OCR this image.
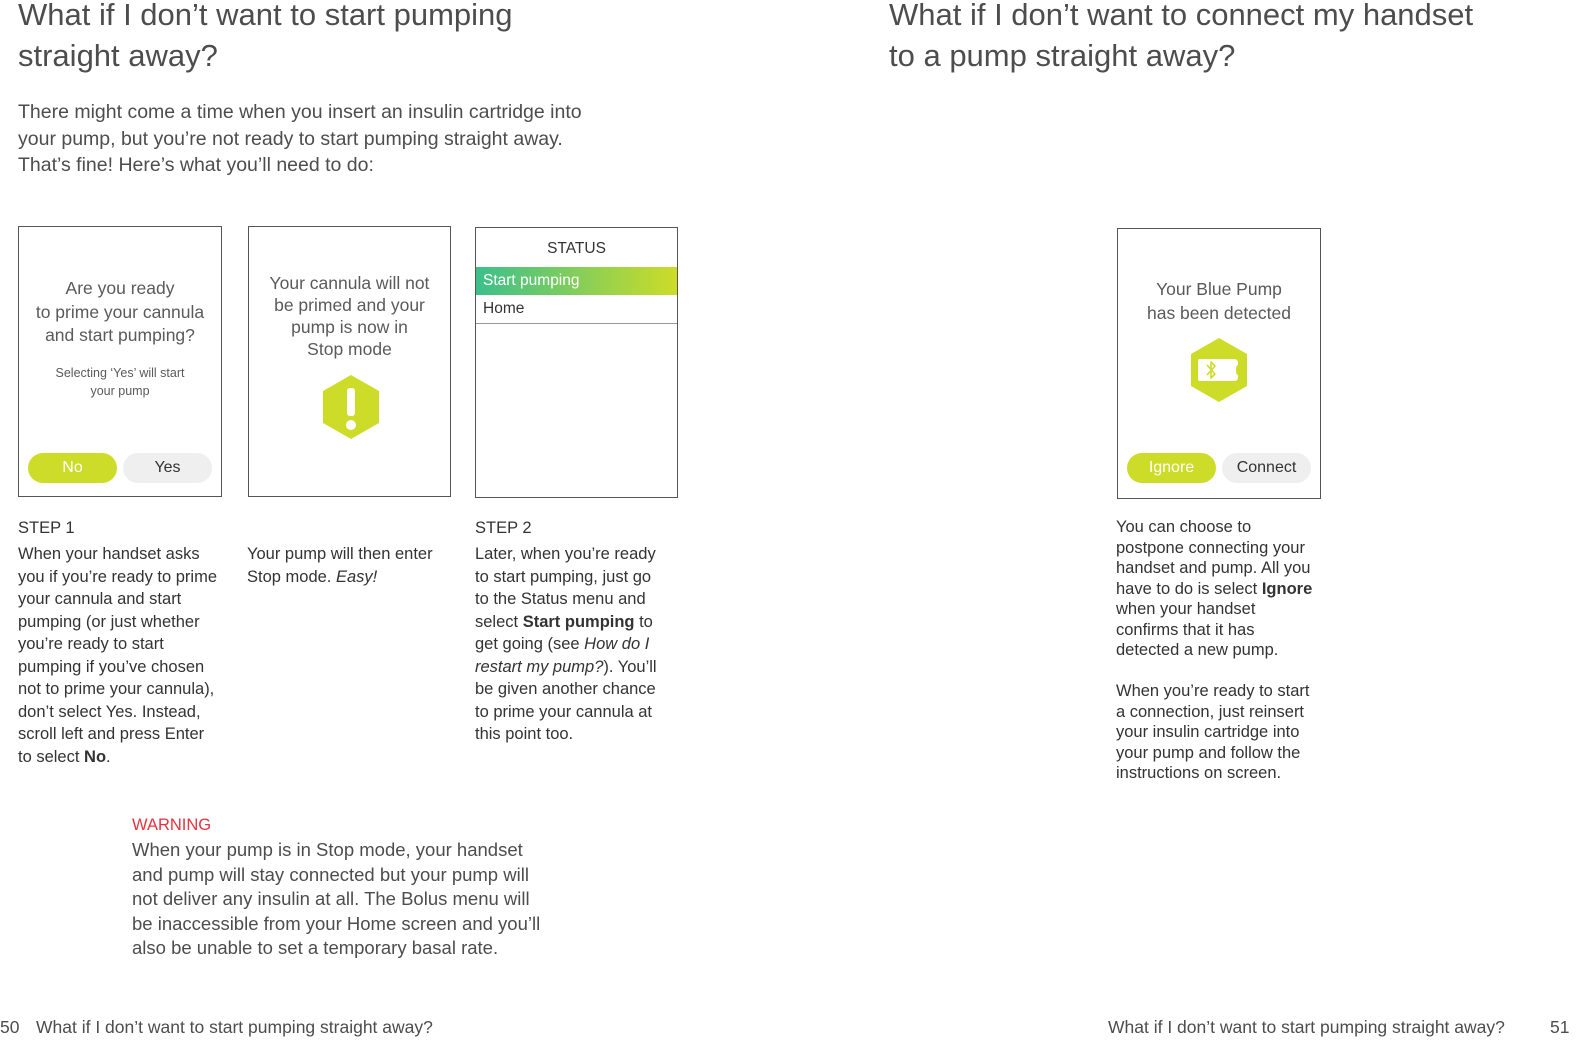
What if I don’t want to start pumping
straight away?
There might come a time when you insert an insulin cartridge into
your pump, but you’re not ready to start pumping straight away.
That’s fine! Here’s what you’ll need to do:
Are you ready
to prime your cannula
and start pumping?
Selecting ‘Yes’ will start
your pump
No	Yes
Your cannula will not
be primed and your
pump is now in
Stop mode
STATUS
Start pumping
Home
STEP 1
When your handset asks you if you’re ready to prime your cannula and start pumping (or just whether you’re ready to start pumping if you’ve chosen not to prime your cannula), don’t select Yes. Instead, scroll left and press Enter to select No.
Your pump will then enter Stop mode. Easy!
STEP 2
Later, when you’re ready to start pumping, just go to the Status menu and select Start pumping to get going (see How do I restart my pump?). You’ll be given another chance to prime your cannula at this point too.
WARNING
When your pump is in Stop mode, your handset
and pump will stay connected but your pump will
not deliver any insulin at all. The Bolus menu will
be inaccessible from your Home screen and you’ll
also be unable to set a temporary basal rate.
50 What if I don’t want to start pumping straight away?
What if I don’t want to connect my handset
to a pump straight away?
Your Blue Pump
has been detected
Ignore	Connect
You can choose to postpone connecting your handset and pump. All you have to do is select Ignore when your handset confirms that it has detected a new pump.
When you’re ready to start a connection, just reinsert your insulin cartridge into your pump and follow the instructions on screen.
What if I don’t want to start pumping straight away?	51
